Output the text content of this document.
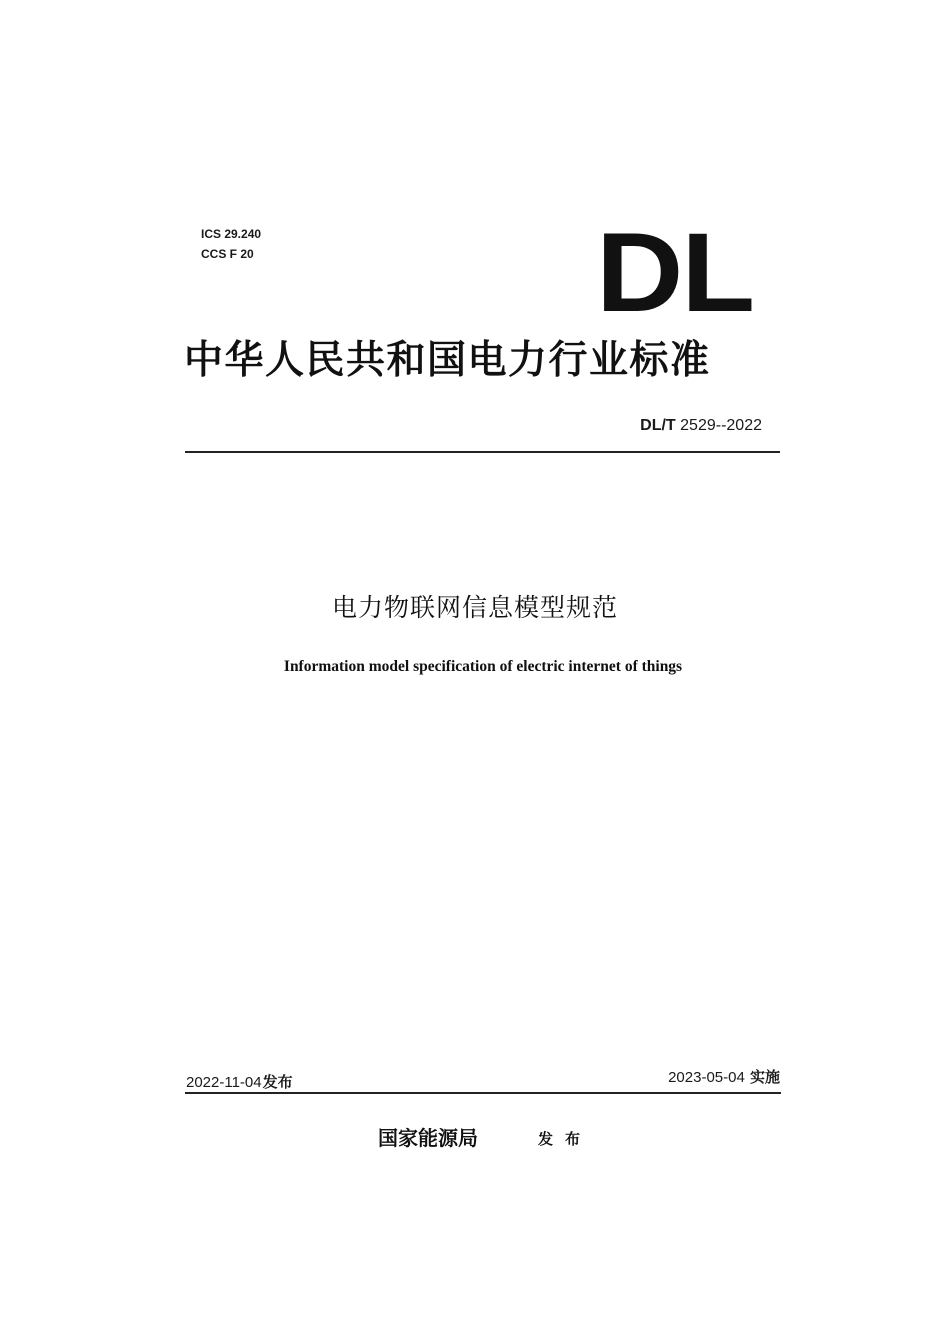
ICS 29.240
CCS F 20	DL
中华人民共和国电力行业标准
DL/T 2529--2022
电力物联网信息模型规范
Information model specification of electric internet of things
2022-11-04发布	2023-05-04 实施
国家能源局	发布
